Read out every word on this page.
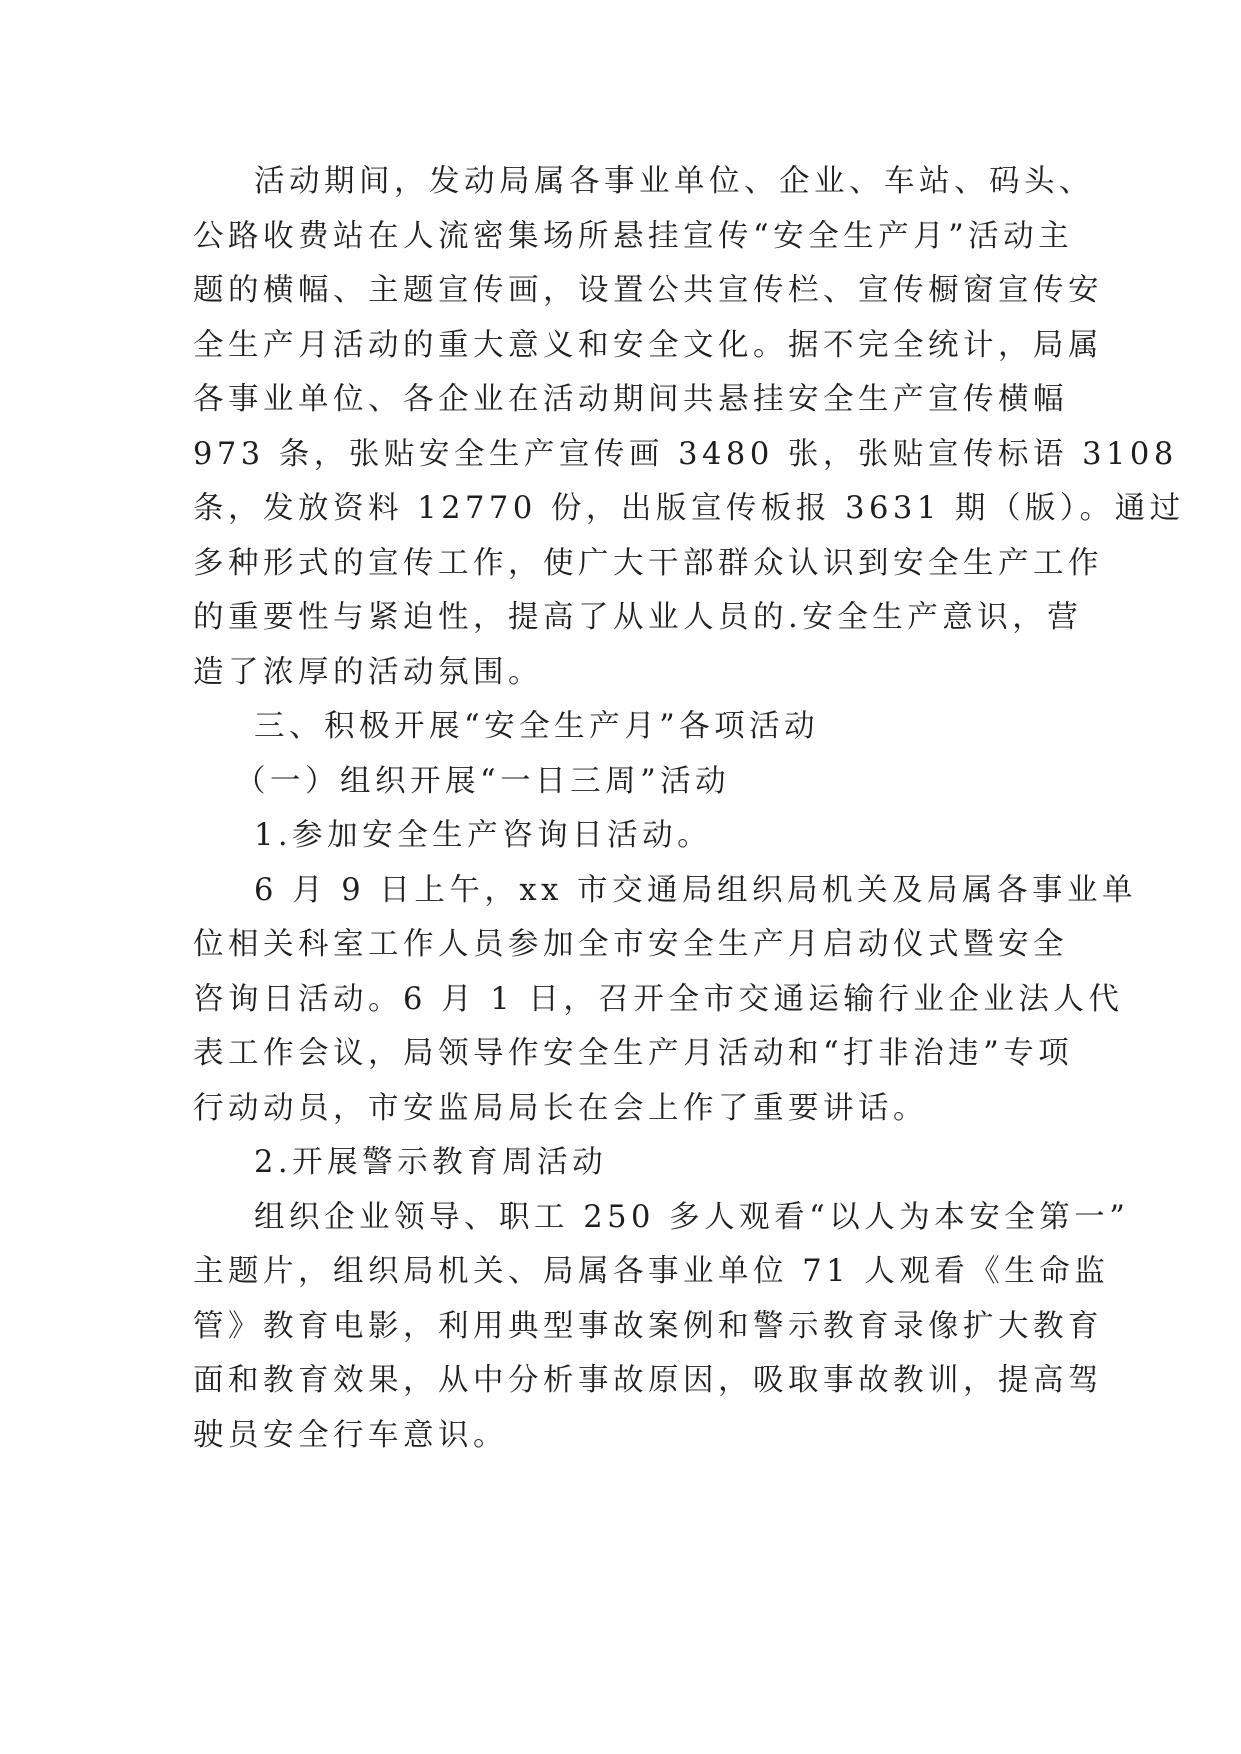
活动期间，发动局属各事业单位、企业、车站、码头、
公路收费站在人流密集场所悬挂宣传“安全生产月”活动主
题的横幅、主题宣传画，设置公共宣传栏、宣传橱窗宣传安
全生产月活动的重大意义和安全文化。据不完全统计，局属
各事业单位、各企业在活动期间共悬挂安全生产宣传横幅
973 条，张贴安全生产宣传画 3480 张，张贴宣传标语 3108
条，发放资料 12770 份，出版宣传板报 3631 期（版）。通过
多种形式的宣传工作，使广大干部群众认识到安全生产工作
的重要性与紧迫性，提高了从业人员的.安全生产意识，营
造了浓厚的活动氛围。
三、积极开展“安全生产月”各项活动
（一）组织开展“一日三周”活动
1.参加安全生产咨询日活动。
6 月 9 日上午，xx 市交通局组织局机关及局属各事业单
位相关科室工作人员参加全市安全生产月启动仪式暨安全
咨询日活动。6 月 1 日，召开全市交通运输行业企业法人代
表工作会议，局领导作安全生产月活动和“打非治违”专项
行动动员，市安监局局长在会上作了重要讲话。
2.开展警示教育周活动
组织企业领导、职工 250 多人观看“以人为本安全第一”
主题片，组织局机关、局属各事业单位 71 人观看《生命监
管》教育电影，利用典型事故案例和警示教育录像扩大教育
面和教育效果，从中分析事故原因，吸取事故教训，提高驾
驶员安全行车意识。
